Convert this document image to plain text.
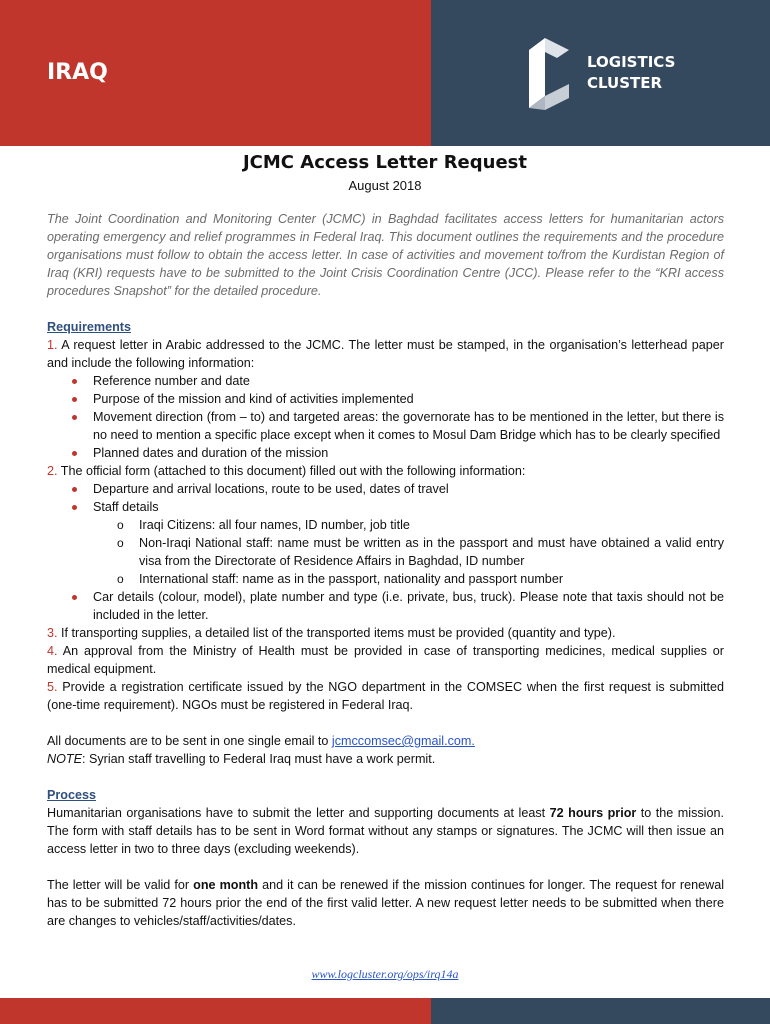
IRAQ	LOGISTICS
CLUSTER
JCMC Access Letter Request
August 2018

The Joint Coordination and Monitoring Center (JCMC) in Baghdad facilitates access letters for humanitarian actors operating emergency and relief programmes in Federal Iraq. This document outlines the requirements and the procedure organisations must follow to obtain the access letter. In case of activities and movement to/from the Kurdistan Region of Iraq (KRI) requests have to be submitted to the Joint Crisis Coordination Centre (JCC). Please refer to the “KRI access procedures Snapshot” for the detailed procedure.

Requirements

1. A request letter in Arabic addressed to the JCMC. The letter must be stamped, in the organisation’s letterhead paper and include the following information:

Reference number and date
Purpose of the mission and kind of activities implemented
Movement direction (from – to) and targeted areas: the governorate has to be mentioned in the letter, but there is no need to mention a specific place except when it comes to Mosul Dam Bridge which has to be clearly specified
Planned dates and duration of the mission

2. The official form (attached to this document) filled out with the following information:

Departure and arrival locations, route to be used, dates of travel
Staff details
o Iraqi Citizens: all four names, ID number, job title
o Non-Iraqi National staff: name must be written as in the passport and must have obtained a valid entry visa from the Directorate of Residence Affairs in Baghdad, ID number
o International staff: name as in the passport, nationality and passport number
Car details (colour, model), plate number and type (i.e. private, bus, truck). Please note that taxis should not be included in the letter.

3. If transporting supplies, a detailed list of the transported items must be provided (quantity and type).

4. An approval from the Ministry of Health must be provided in case of transporting medicines, medical supplies or medical equipment.

5. Provide a registration certificate issued by the NGO department in the COMSEC when the first request is submitted (one-time requirement). NGOs must be registered in Federal Iraq.

All documents are to be sent in one single email to jcmccomsec@gmail.com.

NOTE: Syrian staff travelling to Federal Iraq must have a work permit.

Process

Humanitarian organisations have to submit the letter and supporting documents at least 72 hours prior to the mission. The form with staff details has to be sent in Word format without any stamps or signatures. The JCMC will then issue an access letter in two to three days (excluding weekends).

The letter will be valid for one month and it can be renewed if the mission continues for longer. The request for renewal has to be submitted 72 hours prior the end of the first valid letter. A new request letter needs to be submitted when there are changes to vehicles/staff/activities/dates.

www.logcluster.org/ops/irq14a
